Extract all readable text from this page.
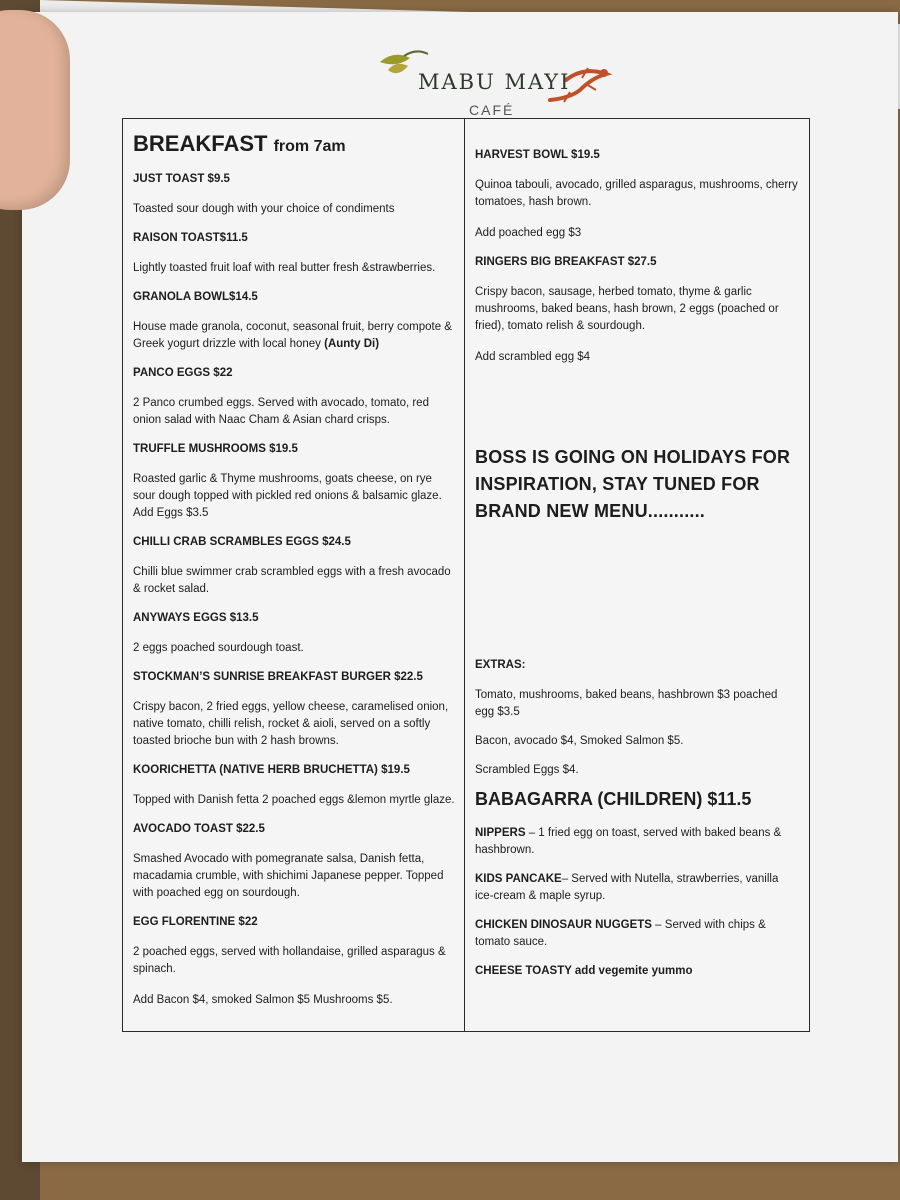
MABU MAYI
CAFÉ
BREAKFAST from 7am
JUST TOAST $9.5
Toasted sour dough with your choice of condiments
RAISON TOAST$11.5
Lightly toasted fruit loaf with real butter fresh &strawberries.
GRANOLA BOWL$14.5
House made granola, coconut, seasonal fruit, berry compote & Greek yogurt drizzle with local honey (Aunty Di)
PANCO EGGS $22
2 Panco crumbed eggs. Served with avocado, tomato, red onion salad with Naac Cham & Asian chard crisps.
TRUFFLE MUSHROOMS $19.5
Roasted garlic & Thyme mushrooms, goats cheese, on rye sour dough topped with pickled red onions & balsamic glaze. Add Eggs $3.5
CHILLI CRAB SCRAMBLES EGGS $24.5
Chilli blue swimmer crab scrambled eggs with a fresh avocado & rocket salad.
ANYWAYS EGGS $13.5
2 eggs poached sourdough toast.
STOCKMAN’S SUNRISE BREAKFAST BURGER $22.5
Crispy bacon, 2 fried eggs, yellow cheese, caramelised onion, native tomato, chilli relish, rocket & aioli, served on a softly toasted brioche bun with 2 hash browns.
KOORICHETTA (NATIVE HERB BRUCHETTA) $19.5
Topped with Danish fetta 2 poached eggs &lemon myrtle glaze.
AVOCADO TOAST $22.5
Smashed Avocado with pomegranate salsa, Danish fetta, macadamia crumble, with shichimi Japanese pepper. Topped with poached egg on sourdough.
EGG FLORENTINE $22
2 poached eggs, served with hollandaise, grilled asparagus & spinach.
Add Bacon $4, smoked Salmon $5 Mushrooms $5.
HARVEST BOWL $19.5
Quinoa tabouli, avocado, grilled asparagus, mushrooms, cherry tomatoes, hash brown.
Add poached egg $3
RINGERS BIG BREAKFAST $27.5
Crispy bacon, sausage, herbed tomato, thyme & garlic mushrooms, baked beans, hash brown, 2 eggs (poached or fried), tomato relish & sourdough.
Add scrambled egg $4
BOSS IS GOING ON HOLIDAYS FOR INSPIRATION, STAY TUNED FOR BRAND NEW MENU...........
EXTRAS:
Tomato, mushrooms, baked beans, hashbrown $3 poached egg $3.5
Bacon, avocado $4, Smoked Salmon $5.
Scrambled Eggs $4.
BABAGARRA (CHILDREN) $11.5
NIPPERS – 1 fried egg on toast, served with baked beans & hashbrown.
KIDS PANCAKE– Served with Nutella, strawberries, vanilla ice-cream & maple syrup.
CHICKEN DINOSAUR NUGGETS – Served with chips & tomato sauce.
CHEESE TOASTY add vegemite yummo
